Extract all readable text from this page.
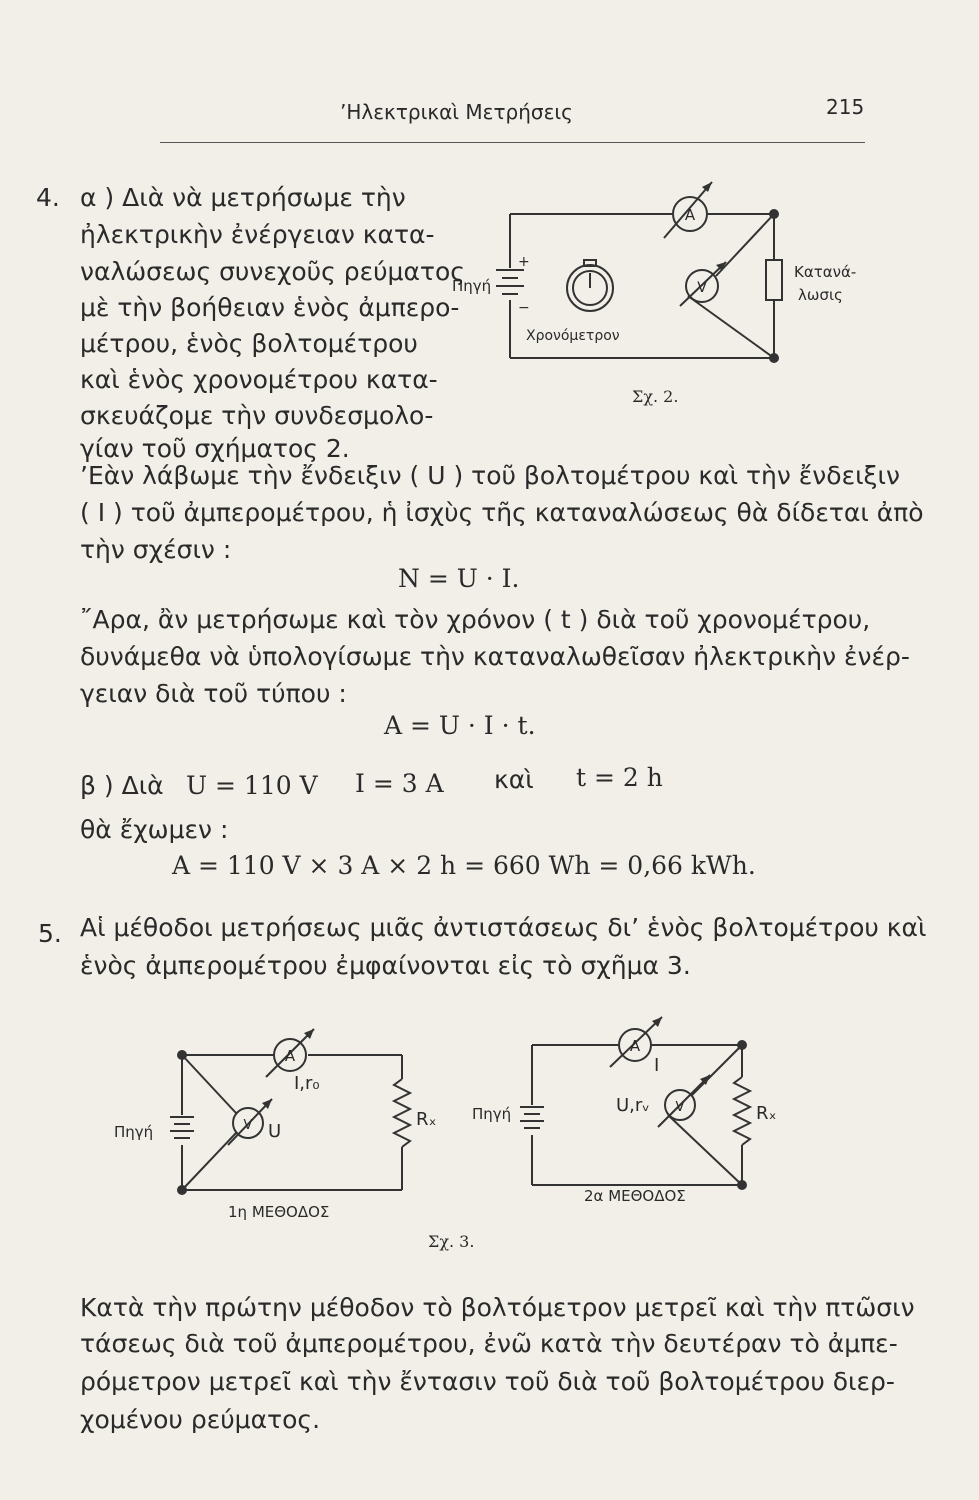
’Ηλεκτρικαὶ Μετρήσεις	215
4. α ) Διὰ νὰ μετρήσωμε τὴν
ἠλεκτρικὴν ἐνέργειαν κατα-
ναλώσεως συνεχοῦς ρεύματος
μὲ τὴν βοήθειαν ἑνὸς ἀμπερο-
μέτρου, ἑνὸς βολτομέτρου
καὶ ἑνὸς χρονομέτρου κατα-
σκευάζομε τὴν συνδεσμολο-
γίαν τοῦ σχήματος 2.
A
V
Πηγή
+
−
Χρονόμετρον
Κατανά-
λωσις
Σχ. 2.
’Εὰν λάβωμε τὴν ἔνδειξιν ( U ) τοῦ βολτομέτρου καὶ τὴν ἔνδειξιν
( I ) τοῦ ἀμπερομέτρου, ἡ ἰσχὺς τῆς καταναλώσεως θὰ δίδεται ἀπὸ
τὴν σχέσιν :
N = U · I.
῎Αρα, ἂν μετρήσωμε καὶ τὸν χρόνον ( t ) διὰ τοῦ χρονομέτρου,
δυνάμεθα νὰ ὑπολογίσωμε τὴν καταναλωθεῖσαν ἠλεκτρικὴν ἐνέρ-
γειαν διὰ τοῦ τύπου :
A = U · I · t.
β ) Διὰ U = 110 V I = 3 A καὶ t = 2 h
θὰ ἔχωμεν :
A = 110 V × 3 A × 2 h = 660 Wh = 0,66 kWh.
5. Αἱ μέθοδοι μετρήσεως μιᾶς ἀντιστάσεως δι’ ἑνὸς βολτομέτρου καὶ
ἑνὸς ἀμπερομέτρου ἐμφαίνονται εἰς τὸ σχῆμα 3.
A
V
Πηγή
I,r₀
U
Rₓ
1η ΜΕΘΟΔΟΣ
A
V
Πηγή
I
U,rᵥ	Rₓ
2α ΜΕΘΟΔΟΣ
Σχ. 3.
Κατὰ τὴν πρώτην μέθοδον τὸ βολτόμετρον μετρεῖ καὶ τὴν πτῶσιν
τάσεως διὰ τοῦ ἀμπερομέτρου, ἐνῶ κατὰ τὴν δευτέραν τὸ ἀμπε-
ρόμετρον μετρεῖ καὶ τὴν ἔντασιν τοῦ διὰ τοῦ βολτομέτρου διερ-
χομένου ρεύματος.
